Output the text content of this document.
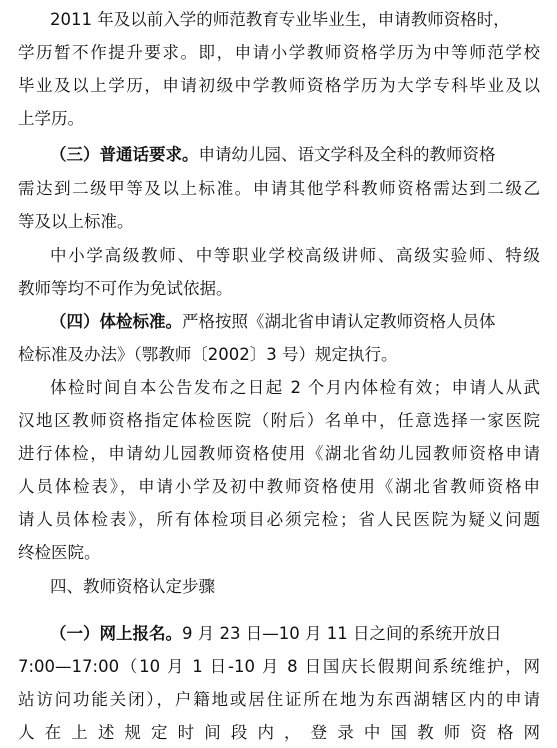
2011 年及以前入学的师范教育专业毕业生，申请教师资格时，
学历暂不作提升要求。即，申请小学教师资格学历为中等师范学校
毕业及以上学历，申请初级中学教师资格学历为大学专科毕业及以
上学历。
（三）普通话要求。申请幼儿园、语文学科及全科的教师资格
需达到二级甲等及以上标准。申请其他学科教师资格需达到二级乙
等及以上标准。
中小学高级教师、中等职业学校高级讲师、高级实验师、特级
教师等均不可作为免试依据。
（四）体检标准。严格按照《湖北省申请认定教师资格人员体
检标准及办法》（鄂教师〔2002〕3 号）规定执行。
体检时间自本公告发布之日起 2 个月内体检有效；申请人从武
汉地区教师资格指定体检医院（附后）名单中，任意选择一家医院
进行体检，申请幼儿园教师资格使用《湖北省幼儿园教师资格申请
人员体检表》，申请小学及初中教师资格使用《湖北省教师资格申
请人员体检表》，所有体检项目必须完检；省人民医院为疑义问题
终检医院。
四、教师资格认定步骤
（一）网上报名。9 月 23 日—10 月 11 日之间的系统开放日
7:00—17:00（10 月 1 日-10 月 8 日国庆长假期间系统维护，网
站访问功能关闭），户籍地或居住证所在地为东西湖辖区内的申请
人在上述规定时间段内，登录中国教师资格网
